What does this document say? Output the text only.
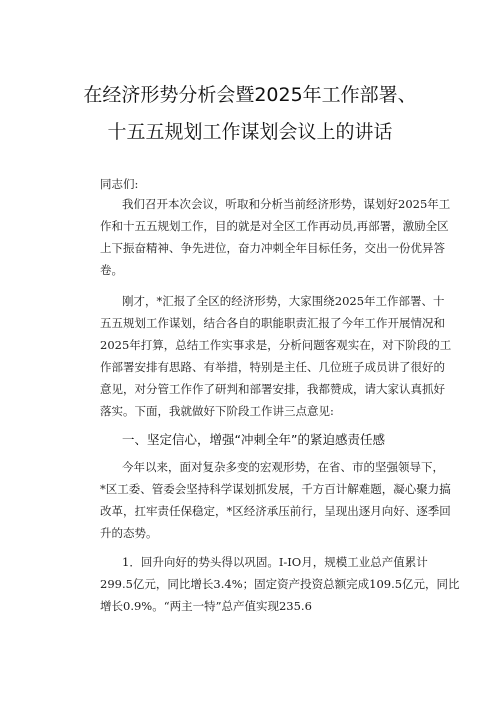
在经济形势分析会暨2025年工作部署、
十五五规划工作谋划会议上的讲话
同志们:
我们召开本次会议，听取和分析当前经济形势，谋划好2025年工
作和十五五规划工作，目的就是对全区工作再动员,再部署，激励全区
上下振奋精神、争先进位，奋力冲刺全年目标任务，交出一份优异答
卷。
刚才，*汇报了全区的经济形势，大家围绕2025年工作部署、十
五五规划工作谋划，结合各自的职能职责汇报了今年工作开展情况和
2025年打算，总结工作实事求是，分析问题客观实在，对下阶段的工
作部署安排有思路、有举措，特别是主任、几位班子成员讲了很好的
意见，对分管工作作了研判和部署安排，我都赞成，请大家认真抓好
落实。下面，我就做好下阶段工作讲三点意见:
一、坚定信心，增强“冲刺全年”的紧迫感责任感
今年以来，面对复杂多变的宏观形势，在省、市的坚强领导下，
*区工委、管委会坚持科学谋划抓发展，千方百计解难题，凝心聚力搞
改革，扛牢责任保稳定，*区经济承压前行，呈现出逐月向好、逐季回
升的态势。
1．回升向好的势头得以巩固。I-IO月，规模工业总产值累计
299.5亿元，同比增长3.4%；固定资产投资总额完成109.5亿元，同比
增长0.9%。“两主一特”总产值实现235.6
